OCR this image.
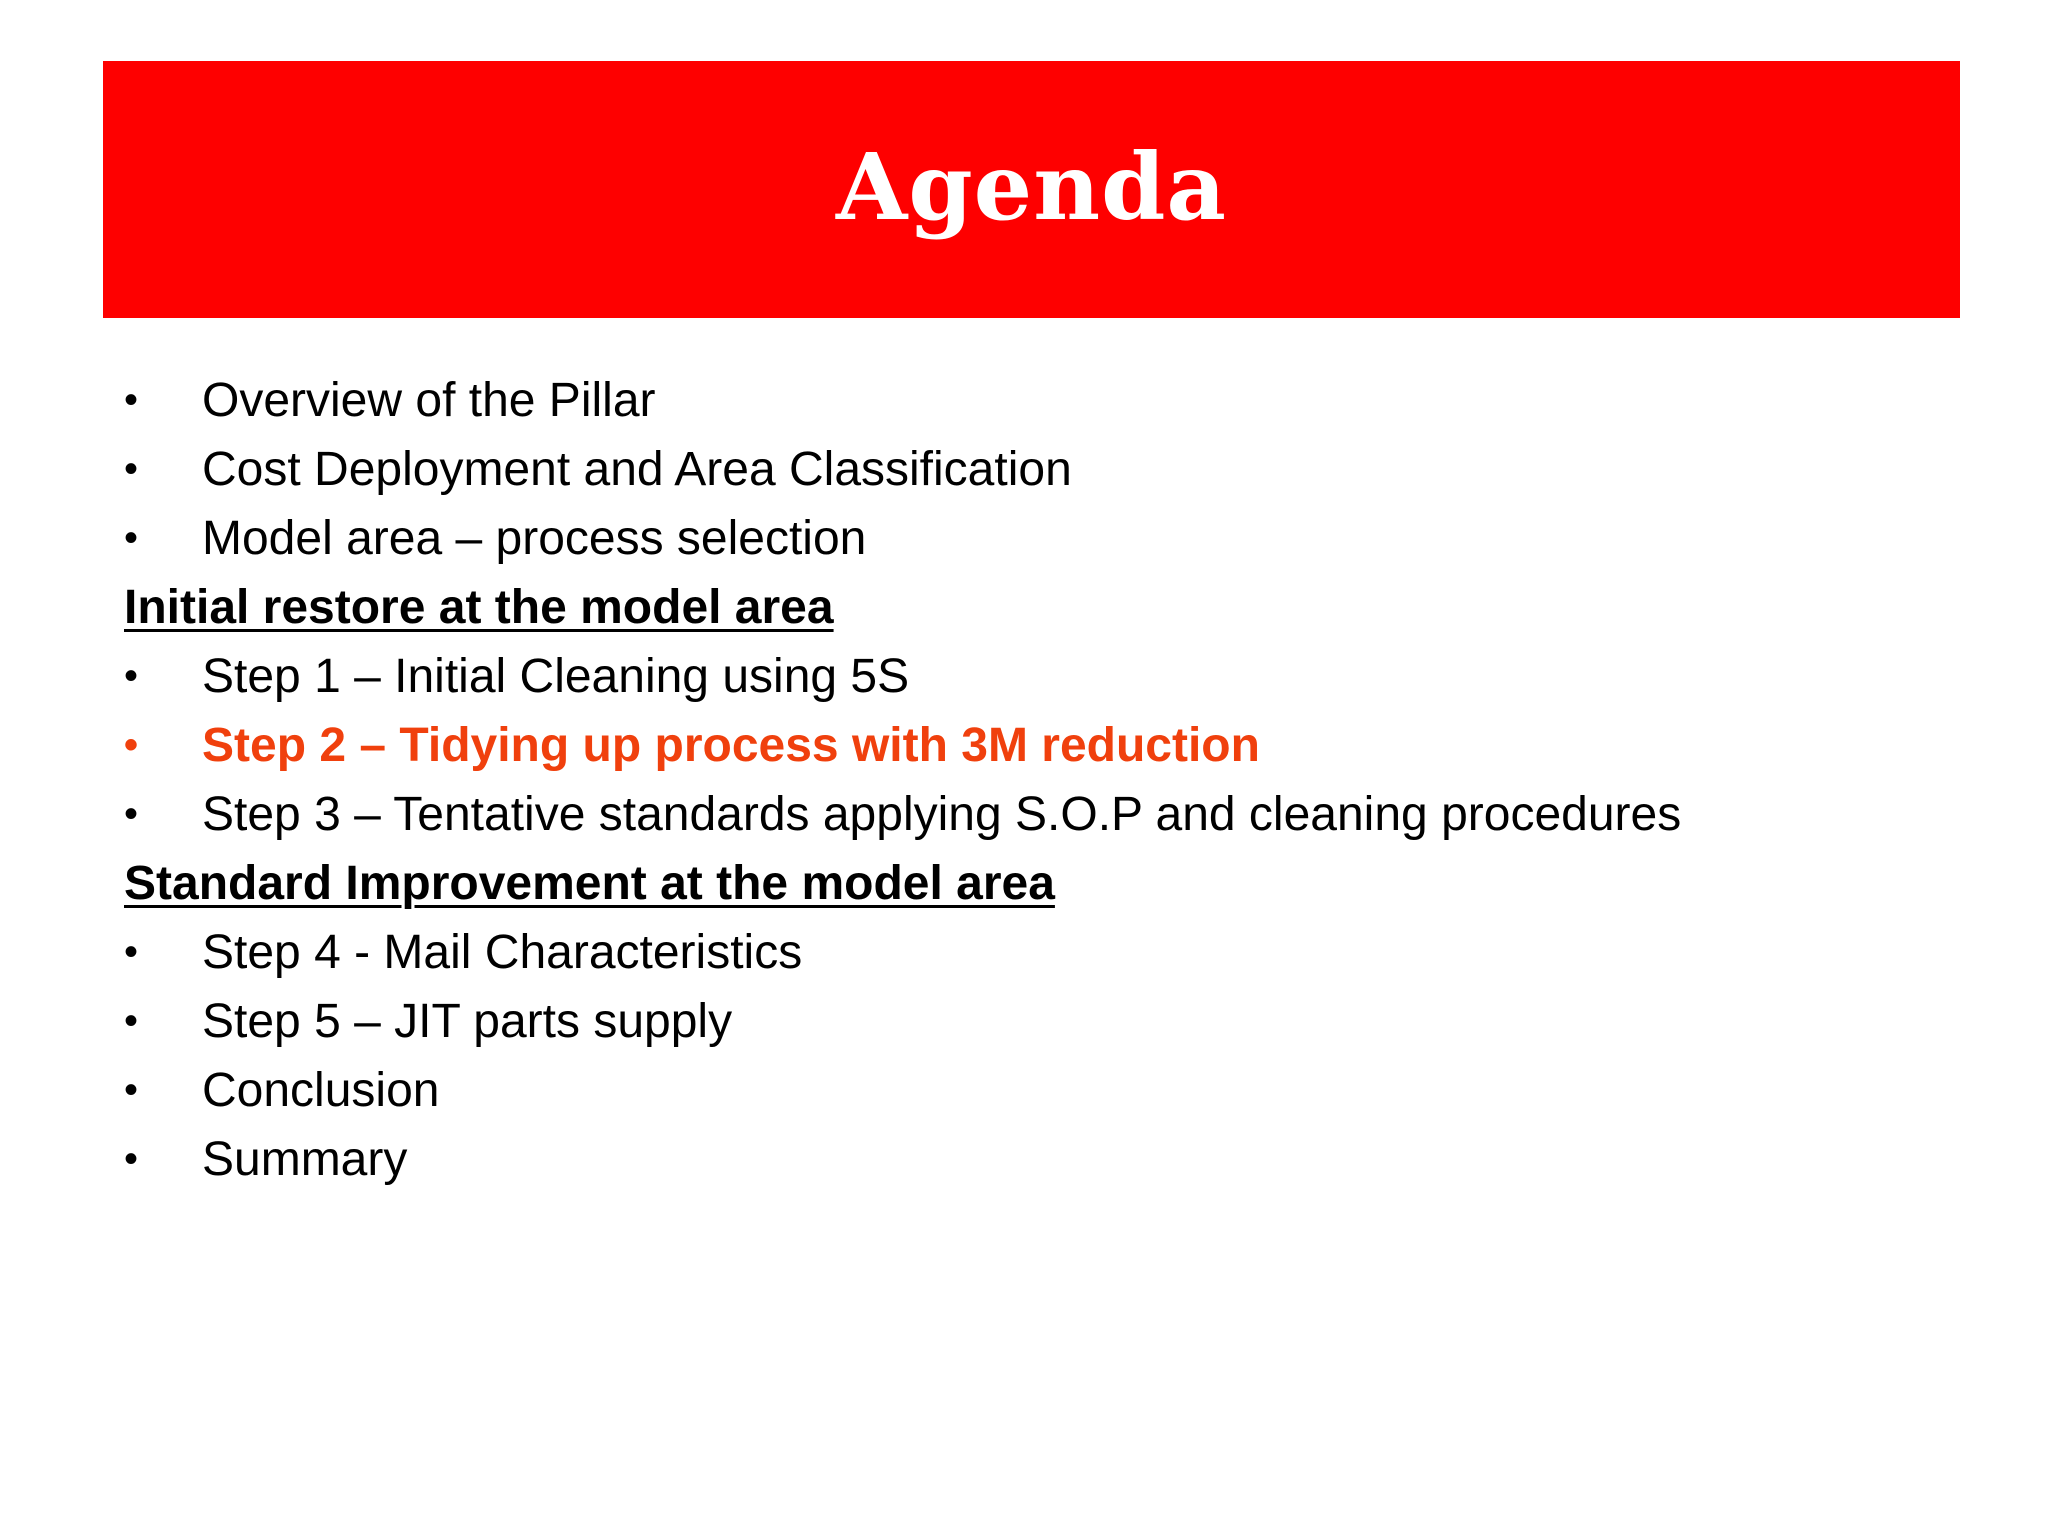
Agenda
•	Overview of the Pillar
•	Cost Deployment and Area Classification
•	Model area – process selection
Initial restore at the model area
•	Step 1 – Initial Cleaning using 5S
•	Step 2 – Tidying up process with 3M reduction
•	Step 3 – Tentative standards applying S.O.P and cleaning procedures
Standard Improvement at the model area
•	Step 4 - Mail Characteristics
•	Step 5 – JIT parts supply
•	Conclusion
•	Summary
